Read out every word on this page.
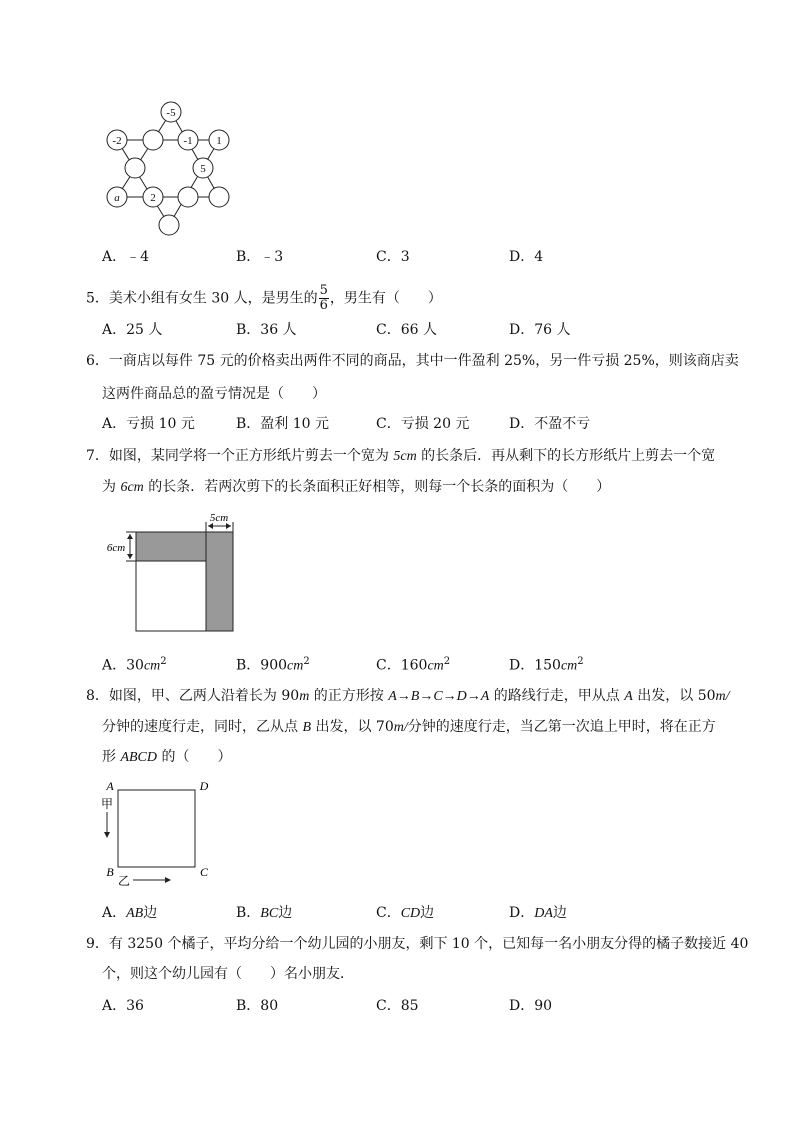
-5
-1 1
-2
5
a	2
A．﹣4	B．﹣3	C．3	D．4
5．美术小组有女生 30 人，是男生的 $\frac{5}{6}$ ，男生有（　　）
A．25 人	B．36 人	C．66 人	D．76 人
6．一商店以每件 75 元的价格卖出两件不同的商品，其中一件盈利 25%，另一件亏损 25%，则该商店卖
这两件商品总的盈亏情况是（　　）
A．亏损 10 元	B．盈利 10 元	C．亏损 20 元	D．不盈不亏
7．如图，某同学将一个正方形纸片剪去一个宽为 5cm 的长条后．再从剩下的长方形纸片上剪去一个宽
为 6cm 的长条．若两次剪下的长条面积正好相等，则每一个长条的面积为（　　）
5cm
6cm
A．$30cm^2$	B．$900cm^2$	C．$160cm^2$	D．$150cm^2$
8．如图，甲、乙两人沿着长为 90m 的正方形按 A→B→C→D→A 的路线行走，甲从点 A 出发，以 50m/
分钟的速度行走，同时，乙从点 B 出发，以 70m/分钟的速度行走，当乙第一次追上甲时，将在正方
形 ABCD 的（　　）
A	D
B	C
甲
乙
A．AB边	B．BC边	C．CD边	D．DA边
9．有 3250 个橘子，平均分给一个幼儿园的小朋友，剩下 10 个，已知每一名小朋友分得的橘子数接近 40
个，则这个幼儿园有（　　）名小朋友．
A．36	B．80	C．85	D．90
